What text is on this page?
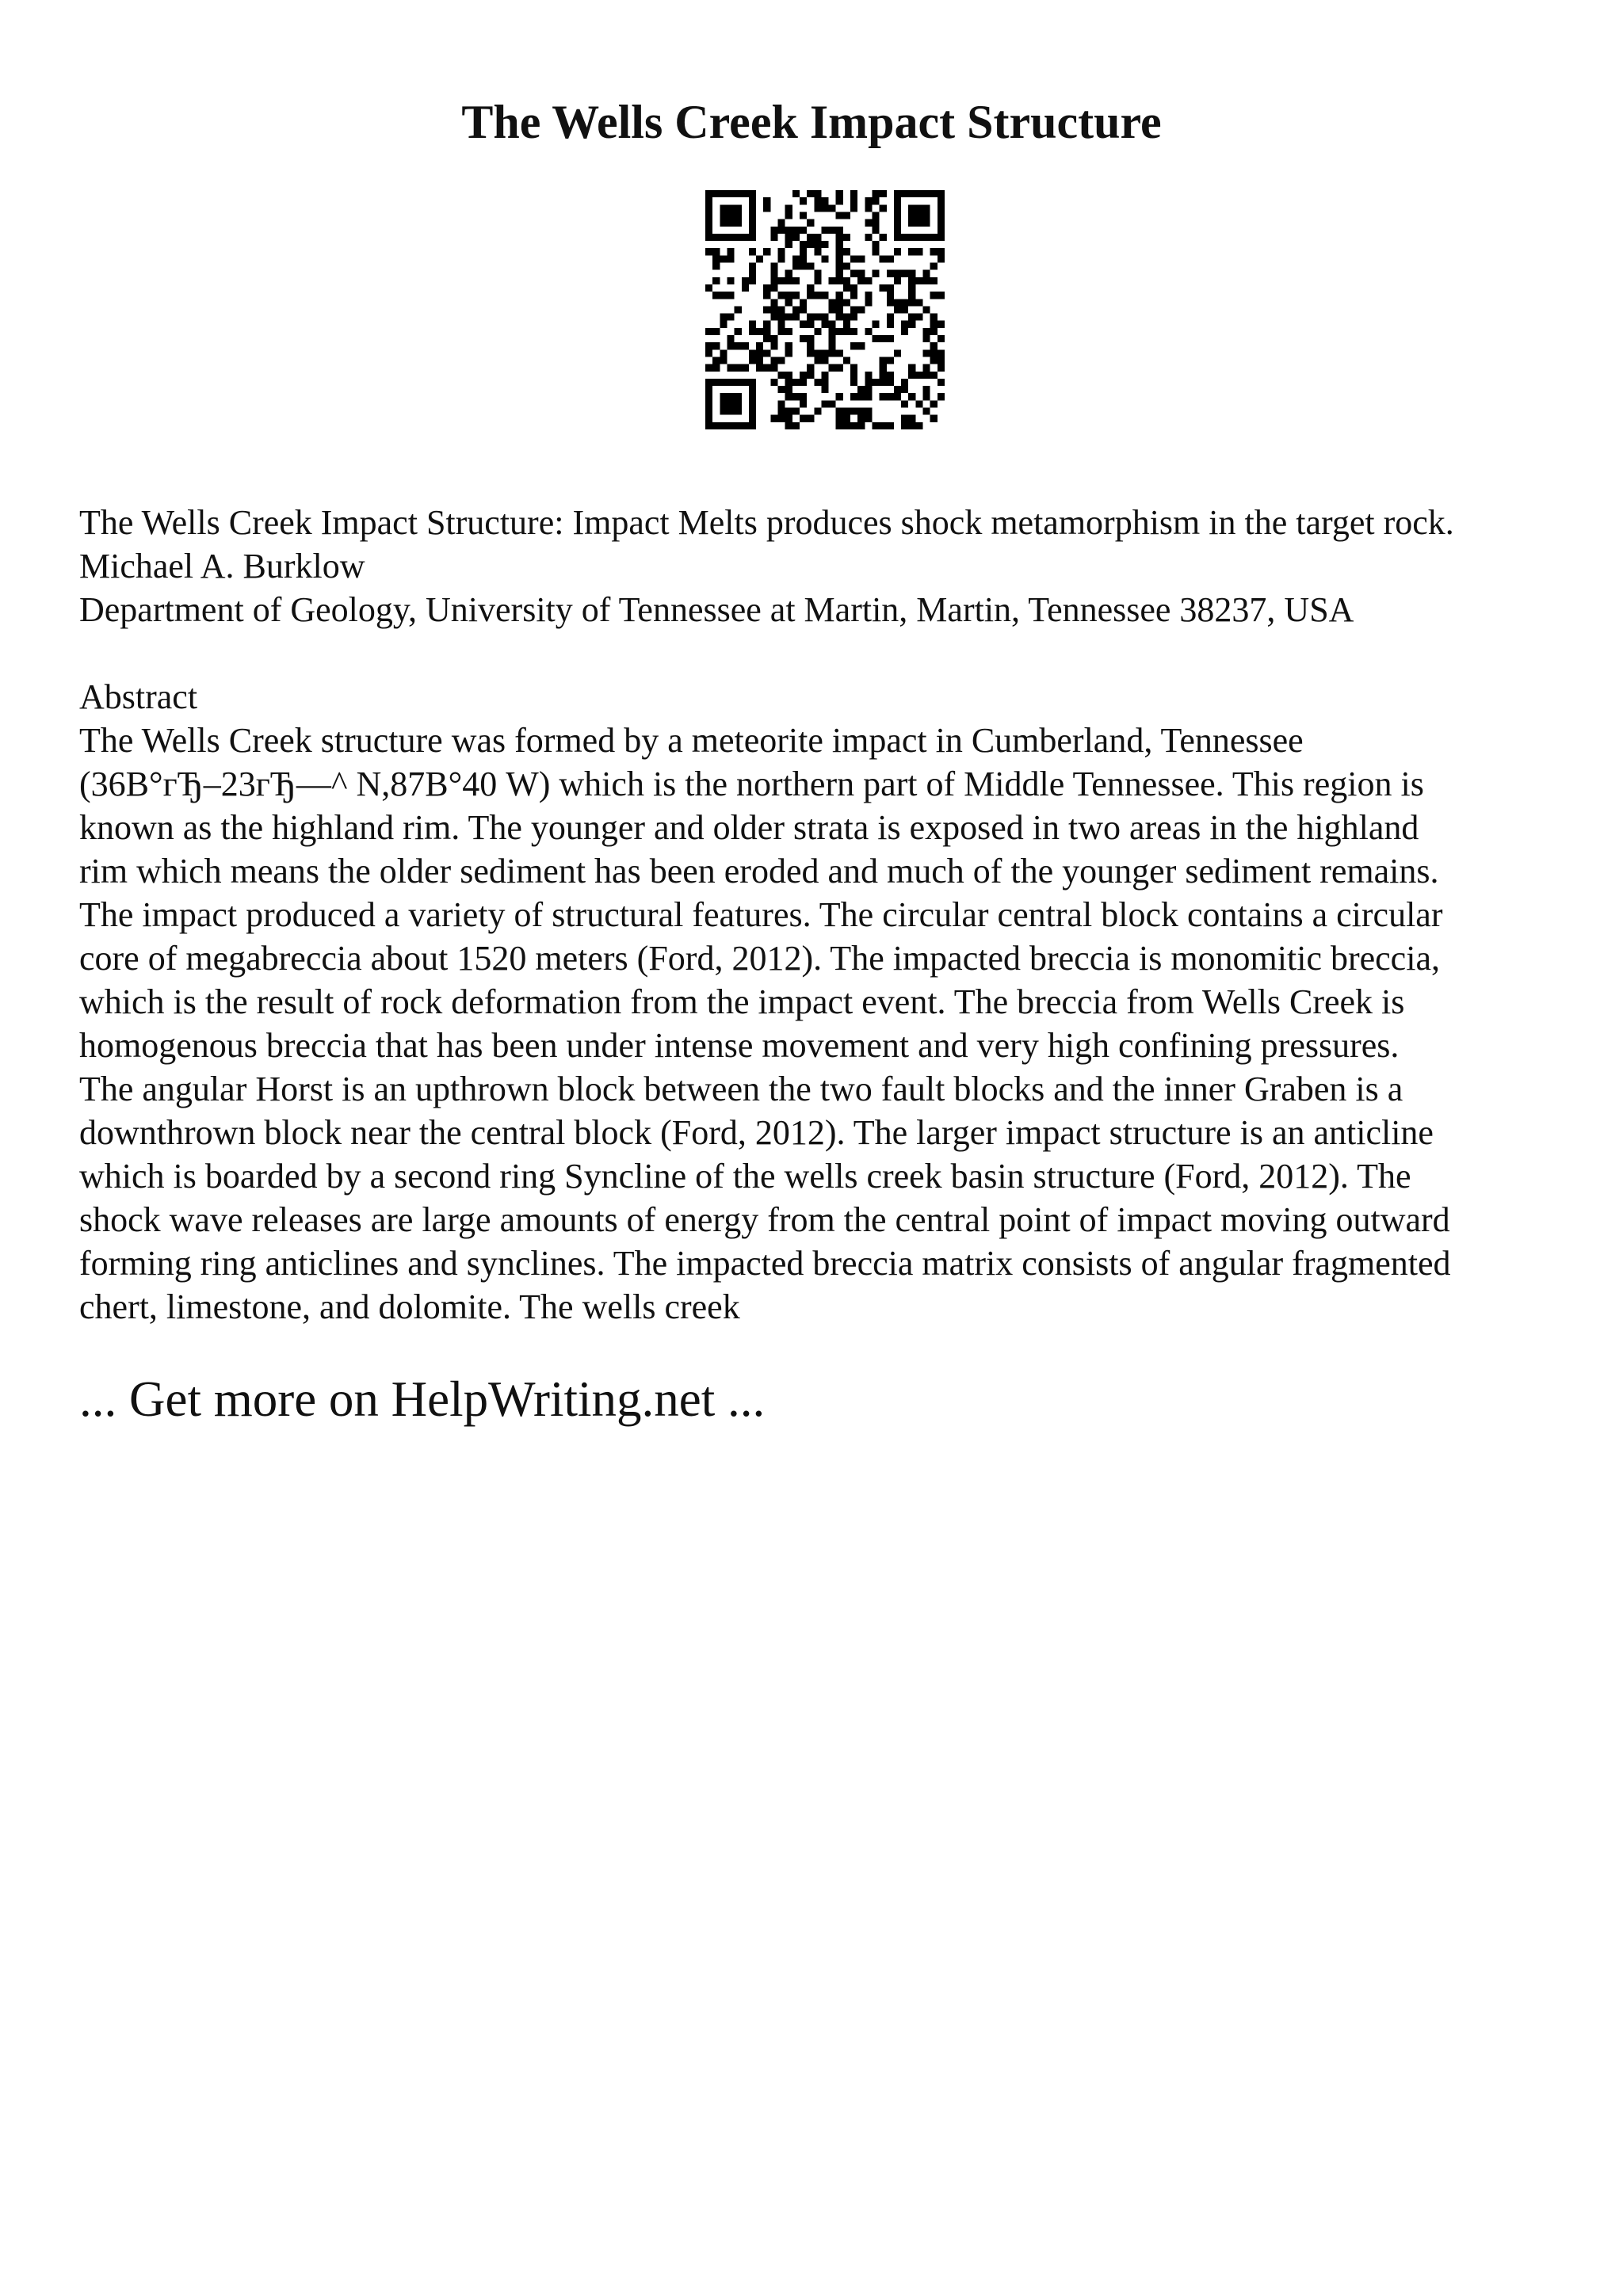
The Wells Creek Impact Structure
The Wells Creek Impact Structure: Impact Melts produces shock metamorphism in the target rock.
Michael A. Burklow
Department of Geology, University of Tennessee at Martin, Martin, Tennessee 38237, USA
Abstract
The Wells Creek structure was formed by a meteorite impact in Cumberland, Tennessee
(36В°гЂ–23гЂ—^ N,87В°40 W) which is the northern part of Middle Tennessee. This region is
known as the highland rim. The younger and older strata is exposed in two areas in the highland
rim which means the older sediment has been eroded and much of the younger sediment remains.
The impact produced a variety of structural features. The circular central block contains a circular
core of megabreccia about 1520 meters (Ford, 2012). The impacted breccia is monomitic breccia,
which is the result of rock deformation from the impact event. The breccia from Wells Creek is
homogenous breccia that has been under intense movement and very high confining pressures.
The angular Horst is an upthrown block between the two fault blocks and the inner Graben is a
downthrown block near the central block (Ford, 2012). The larger impact structure is an anticline
which is boarded by a second ring Syncline of the wells creek basin structure (Ford, 2012). The
shock wave releases are large amounts of energy from the central point of impact moving outward
forming ring anticlines and synclines. The impacted breccia matrix consists of angular fragmented
chert, limestone, and dolomite. The wells creek
... Get more on HelpWriting.net ...
